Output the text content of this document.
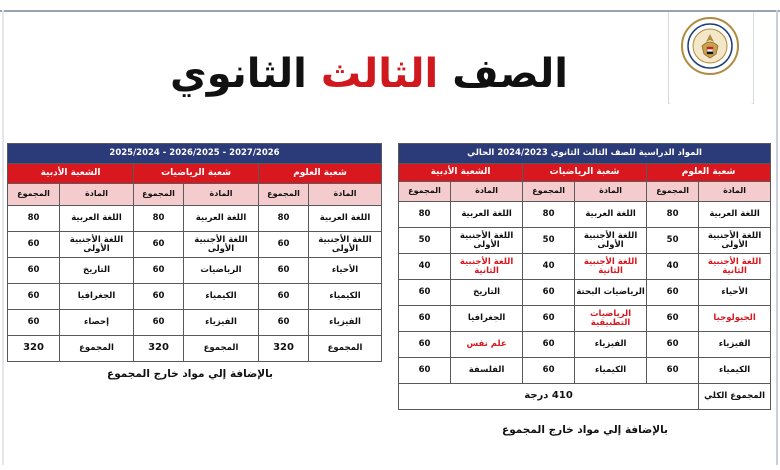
الصف الثالث الثانوي
2027/2026 - 2026/2025 - 2025/2024					
شعبة العلوم		شعبة الرياضيات		الشعبة الأدبية	
المادة	المجموع	المادة	المجموع	المادة	المجموع
اللغة العربية	80	اللغة العربية	80	اللغة العربية	80
اللغة الأجنبية الأولى	60	اللغة الأجنبية الأولى	60	اللغة الأجنبية الأولى	60
الأحياء	60	الرياضيات	60	التاريخ	60
الكيمياء	60	الكيمياء	60	الجغرافيا	60
الفيزياء	60	الفيزياء	60	إحصاء	60
المجموع	320	المجموع	320	المجموع	320
بالإضافة إلي مواد خارج المجموع
المواد الدراسية للصف الثالث الثانوي 2024/2023 الحالي					
شعبة العلوم		شعبة الرياضيات		الشعبة الأدبية	
المادة	المجموع	المادة	المجموع	المادة	المجموع
اللغة العربية	80	اللغة العربية	80	اللغة العربية	80
اللغة الأجنبية الأولى	50	اللغة الأجنبية الأولى	50	اللغة الأجنبية الأولى	50
اللغة الأجنبية الثانية	40	اللغة الأجنبية الثانية	40	اللغة الأجنبية الثانية	40
الأحياء	60	الرياضيات البحتة	60	التاريخ	60
الجيولوجيا	60	الرياضيات التطبيقية	60	الجغرافيا	60
الفيزياء	60	الفيزياء	60	علم نفس	60
الكيمياء	60	الكيمياء	60	الفلسفة	60
المجموع الكلي	410 درجة				
بالإضافة إلي مواد خارج المجموع
